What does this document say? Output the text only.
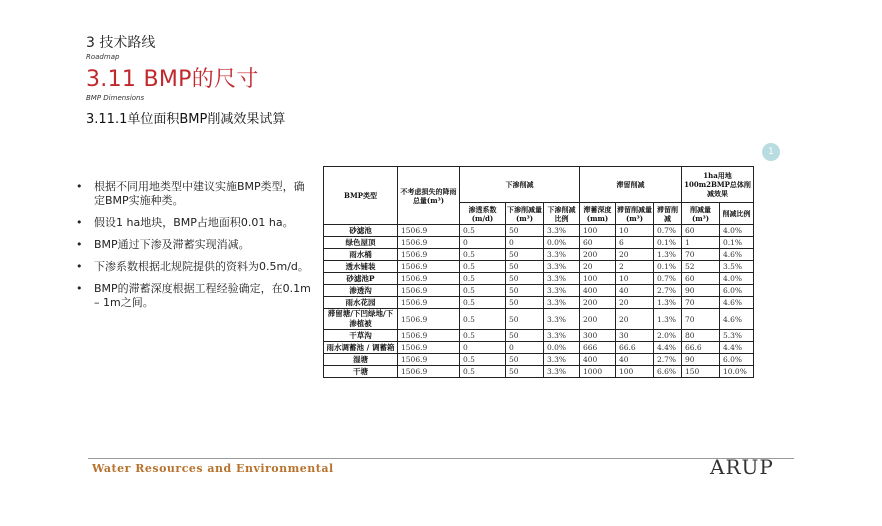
3 技术路线
Roadmap
3.11 BMP的尺寸
BMP Dimensions
3.11.1单位面积BMP削减效果试算
• 根据不同用地类型中建议实施BMP类型，确定BMP实施种类。
• 假设1 ha地块，BMP占地面积0.01 ha。
• BMP通过下渗及滞蓄实现消减。
• 下渗系数根据北规院提供的资料为0.5m/d。
• BMP的滞蓄深度根据工程经验确定，在0.1m – 1m之间。
1
BMP类型	不考虑损失的降雨总量(m³)	下渗削减			滞留削减			1ha用地100m2BMP总体削减效果	
		渗透系数(m/d)	下渗削减量(m³)	下渗削减比例	滞蓄深度(mm)	滞留削减量(m³)	滞留削减	削减量(m³)	削减比例
砂滤池	1506.9	0.5	50	3.3%	100	10	0.7%	60	4.0%
绿色屋顶	1506.9	0	0	0.0%	60	6	0.1%	1	0.1%
雨水桶	1506.9	0.5	50	3.3%	200	20	1.3%	70	4.6%
透水铺装	1506.9	0.5	50	3.3%	20	2	0.1%	52	3.5%
砂滤池P	1506.9	0.5	50	3.3%	100	10	0.7%	60	4.0%
渗透沟	1506.9	0.5	50	3.3%	400	40	2.7%	90	6.0%
雨水花园	1506.9	0.5	50	3.3%	200	20	1.3%	70	4.6%
滞留塘/下凹绿地/下渗植被	1506.9	0.5	50	3.3%	200	20	1.3%	70	4.6%
干草沟	1506.9	0.5	50	3.3%	300	30	2.0%	80	5.3%
雨水调蓄池 / 调蓄箱	1506.9	0	0	0.0%	666	66.6	4.4%	66.6	4.4%
湿塘	1506.9	0.5	50	3.3%	400	40	2.7%	90	6.0%
干塘	1506.9	0.5	50	3.3%	1000	100	6.6%	150	10.0%
Water Resources and Environmental	ARUP
